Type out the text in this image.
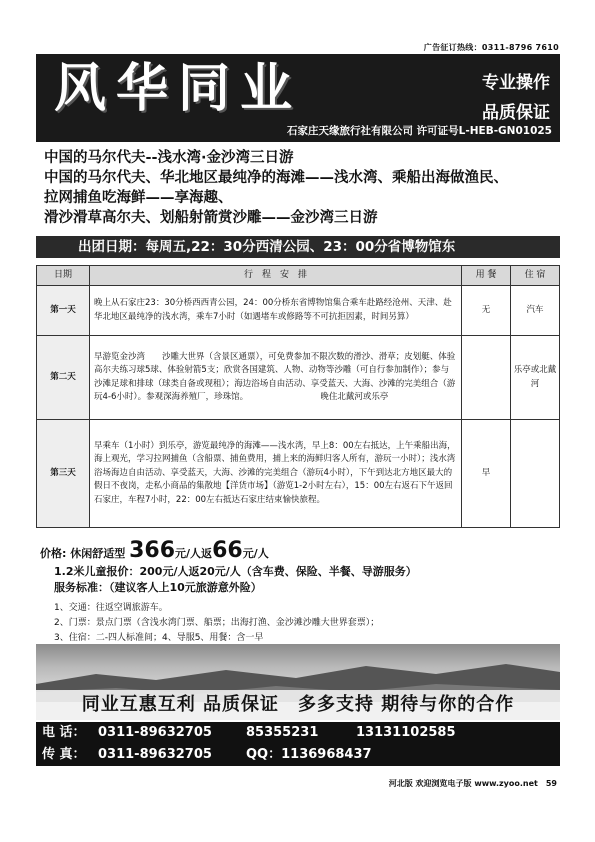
广告征订热线：0311-8796 7610
风华同业	专业操作
品质保证
石家庄天缘旅行社有限公司 许可证号L-HEB-GN01025
中国的马尔代夫--浅水湾·金沙湾三日游
中国的马尔代夫、华北地区最纯净的海滩——浅水湾、乘船出海做渔民、
拉网捕鱼吃海鲜——享海趣、
滑沙滑草高尔夫、划船射箭赏沙雕——金沙湾三日游
出团日期：每周五,22：30分西清公园、23：00分省博物馆东
日期	行　程　安　排	用 餐	住 宿
第一天	晚上从石家庄23：30分桥西西青公园，24：00分桥东省博物馆集合乘车赴路经沧州、天津、赴华北地区最纯净的浅水湾，乘车7小时（如遇堵车或修路等不可抗拒因素，时间另算）	无	汽车
第二天	早游览金沙湾　　沙雕大世界（含景区通票），可免费参加不限次数的滑沙、滑草；皮划艇、体验高尔夫练习球5球、体验射箭5支；欣赏各国建筑、人物、动物等沙雕（可自行参加制作）；参与沙滩足球和排球（球类自备或现租）；海边浴场自由活动、享受蓝天、大海、沙滩的完美组合（游玩4-6小时）。参观深海养殖厂，珍珠馆。　　　　　　　　　晚住北戴河或乐亭		乐亭或北戴河
第三天	早乘车（1小时）到乐亭，游览最纯净的海滩——浅水湾，早上8：00左右抵达，上午乘船出海，海上观光，学习拉网捕鱼（含船票、捕鱼费用，捕上来的海鲜归客人所有，游玩一小时）；浅水湾浴场海边自由活动、享受蓝天，大海、沙滩的完美组合（游玩4小时），下午到达北方地区最大的假日不夜岗，走私小商品的集散地【洋货市场】（游览1-2小时左右），15：00左右返石下午返回石家庄，车程7小时，22：00左右抵达石家庄结束愉快旅程。	早	
价格: 休闲舒适型 366元/人返66元/人
1.2米儿童报价：200元/人返20元/人（含车费、保险、半餐、导游服务）
服务标准：（建议客人上10元旅游意外险）
1、交通：往返空调旅游车。
2、门票：景点门票（含浅水湾门票、船票；出海打渔、金沙滩沙雕大世界套票）；
3、住宿：二-四人标准间；4、导服5、用餐：含一早
同业互惠互利 品质保证　多多支持 期待与你的合作
电 话： 0311-89632705	85355231	13131102585
传 真： 0311-89632705	QQ：1136968437
河北版 欢迎浏览电子版 www.zyoo.net　59
